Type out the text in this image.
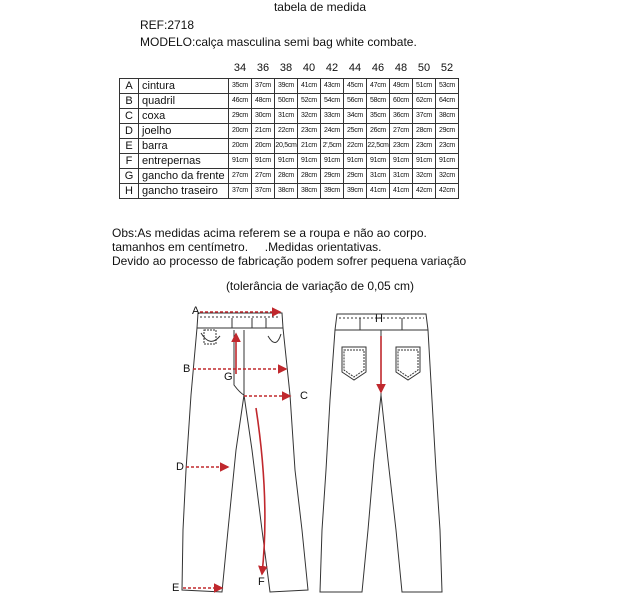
tabela de medida
REF:2718
MODELO:calça masculina semi bag white combate.
34 36 38 40 42 44 46 48 50 52
A	cintura	35cm	37cm	39cm	41cm	43cm	45cm	47cm	49cm	51cm	53cm
B	quadril	46cm	48cm	50cm	52cm	54cm	56cm	58cm	60cm	62cm	64cm
C	coxa	29cm	30cm	31cm	32cm	33cm	34cm	35cm	36cm	37cm	38cm
D	joelho	20cm	21cm	22cm	23cm	24cm	25cm	26cm	27cm	28cm	29cm
E	barra	20cm	20cm	20,5cm	21cm	2',5cm	22cm	22,5cm	23cm	23cm	23cm
F	entrepernas	91cm	91cm	91cm	91cm	91cm	91cm	91cm	91cm	91cm	91cm
G	gancho da frente	27cm	27cm	28cm	28cm	29cm	29cm	31cm	31cm	32cm	32cm
H	gancho traseiro	37cm	37cm	38cm	38cm	39cm	39cm	41cm	41cm	42cm	42cm
Obs:As medidas acima referem se a roupa e não ao corpo.
tamanhos em centímetro.     .Medidas orientativas.
Devido ao processo de fabricação podem sofrer pequena variação
(tolerância de variação de 0,05 cm)
A
B
G
C
D
E	F
H
